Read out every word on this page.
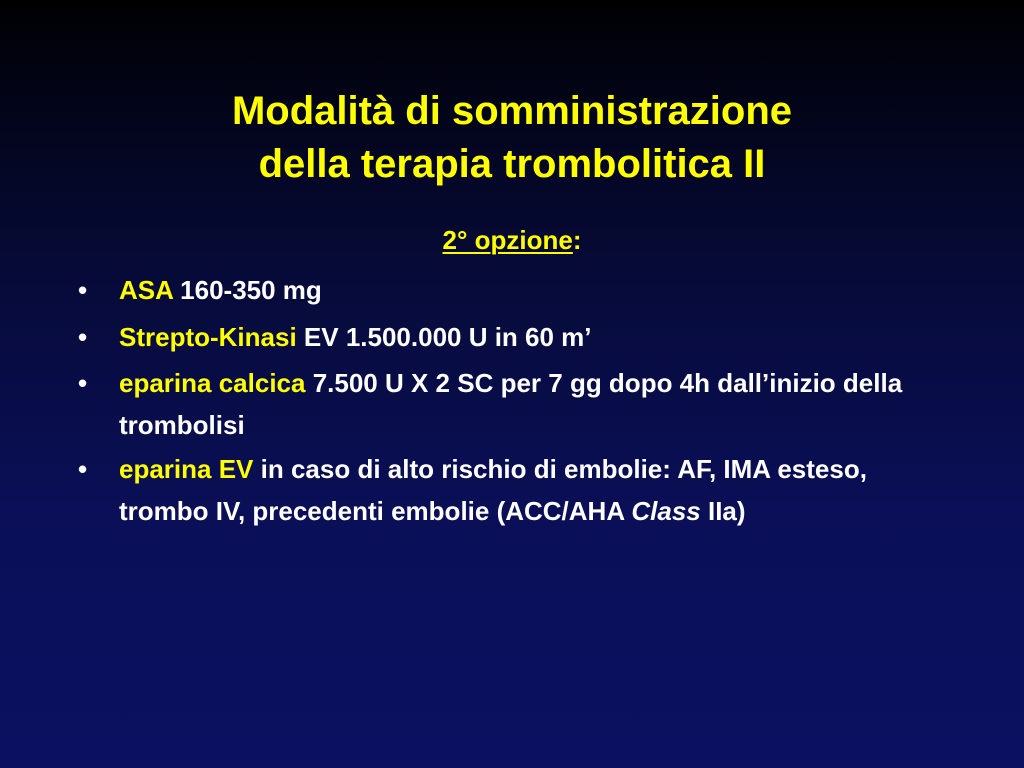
Modalità di somministrazione
della terapia trombolitica II
2° opzione:
•	ASA 160-350 mg
•	Strepto-Kinasi EV 1.500.000 U in 60 m’
•	eparina calcica 7.500 U X 2 SC per 7 gg dopo 4h dall’inizio della trombolisi
•	eparina EV in caso di alto rischio di embolie: AF, IMA esteso, trombo IV, precedenti embolie (ACC/AHA Class IIa)
